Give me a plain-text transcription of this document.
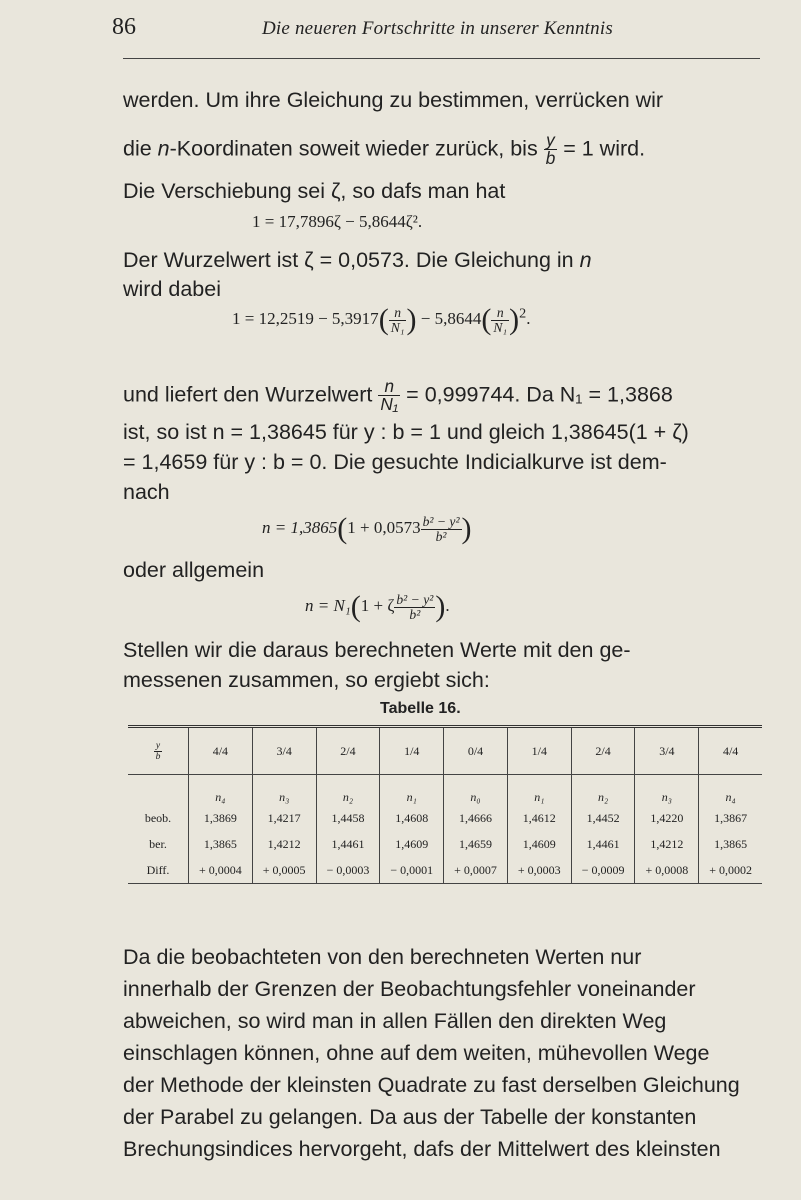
86	Die neueren Fortschritte in unserer Kenntnis
werden. Um ihre Gleichung zu bestimmen, verrücken wir
die n-Koordinaten soweit wieder zurück, bis $\frac{y}{b} = 1$ wird.
Die Verschiebung sei ζ, so dafs man hat
1 = 17,7896ζ − 5,8644ζ².
Der Wurzelwert ist ζ = 0,0573. Die Gleichung in n
wird dabei
$1 = 12,2519 - 5,3917( \frac{n}{\text{N₁}}$ ) − $5,8644( \frac{n}{\text{N₁}} )^2$.
und liefert den Wurzelwert $\frac{n}{\text{N₁}} = 0,999744$. Da N₁ = 1,3868
ist, so ist n = 1,38645 für y : b = 1 und gleich 1,38645(1 + ζ)
= 1,4659 für y : b = 0. Die gesuchte Indicialkurve ist dem-
nach
$n = 1,3865(1 + 0,0573 \frac{\text{b² − y²}}{\text{b²}}$ )
oder allgemein
n = N₁(1 + ζ $\frac{\text{b² − y²}}{\text{b²}}$ ).
Stellen wir die daraus berechneten Werte mit den ge-
messenen zusammen, so ergiebt sich:
Tabelle 16.
$\frac{y}{b}$	4/4	3/4	2/4	1/4	0/4	1/4	2/4	3/4	4/4
	n₄	n₃	n₂	n₁	n₀	n₁	n₂	n₃	n₄
beob.	1,3869	1,4217	1,4458	1,4608	1,4666	1,4612	1,4452	1,4220	1,3867
ber.	1,3865	1,4212	1,4461	1,4609	1,4659	1,4609	1,4461	1,4212	1,3865
Diff.	+ 0,0004	+ 0,0005	− 0,0003	− 0,0001	+ 0,0007	+ 0,0003	− 0,0009	+ 0,0008	+ 0,0002
Da die beobachteten von den berechneten Werten nur
innerhalb der Grenzen der Beobachtungsfehler voneinander
abweichen, so wird man in allen Fällen den direkten Weg
einschlagen können, ohne auf dem weiten, mühevollen Wege
der Methode der kleinsten Quadrate zu fast derselben Gleichung
der Parabel zu gelangen. Da aus der Tabelle der konstanten
Brechungsindices hervorgeht, dafs der Mittelwert des kleinsten
